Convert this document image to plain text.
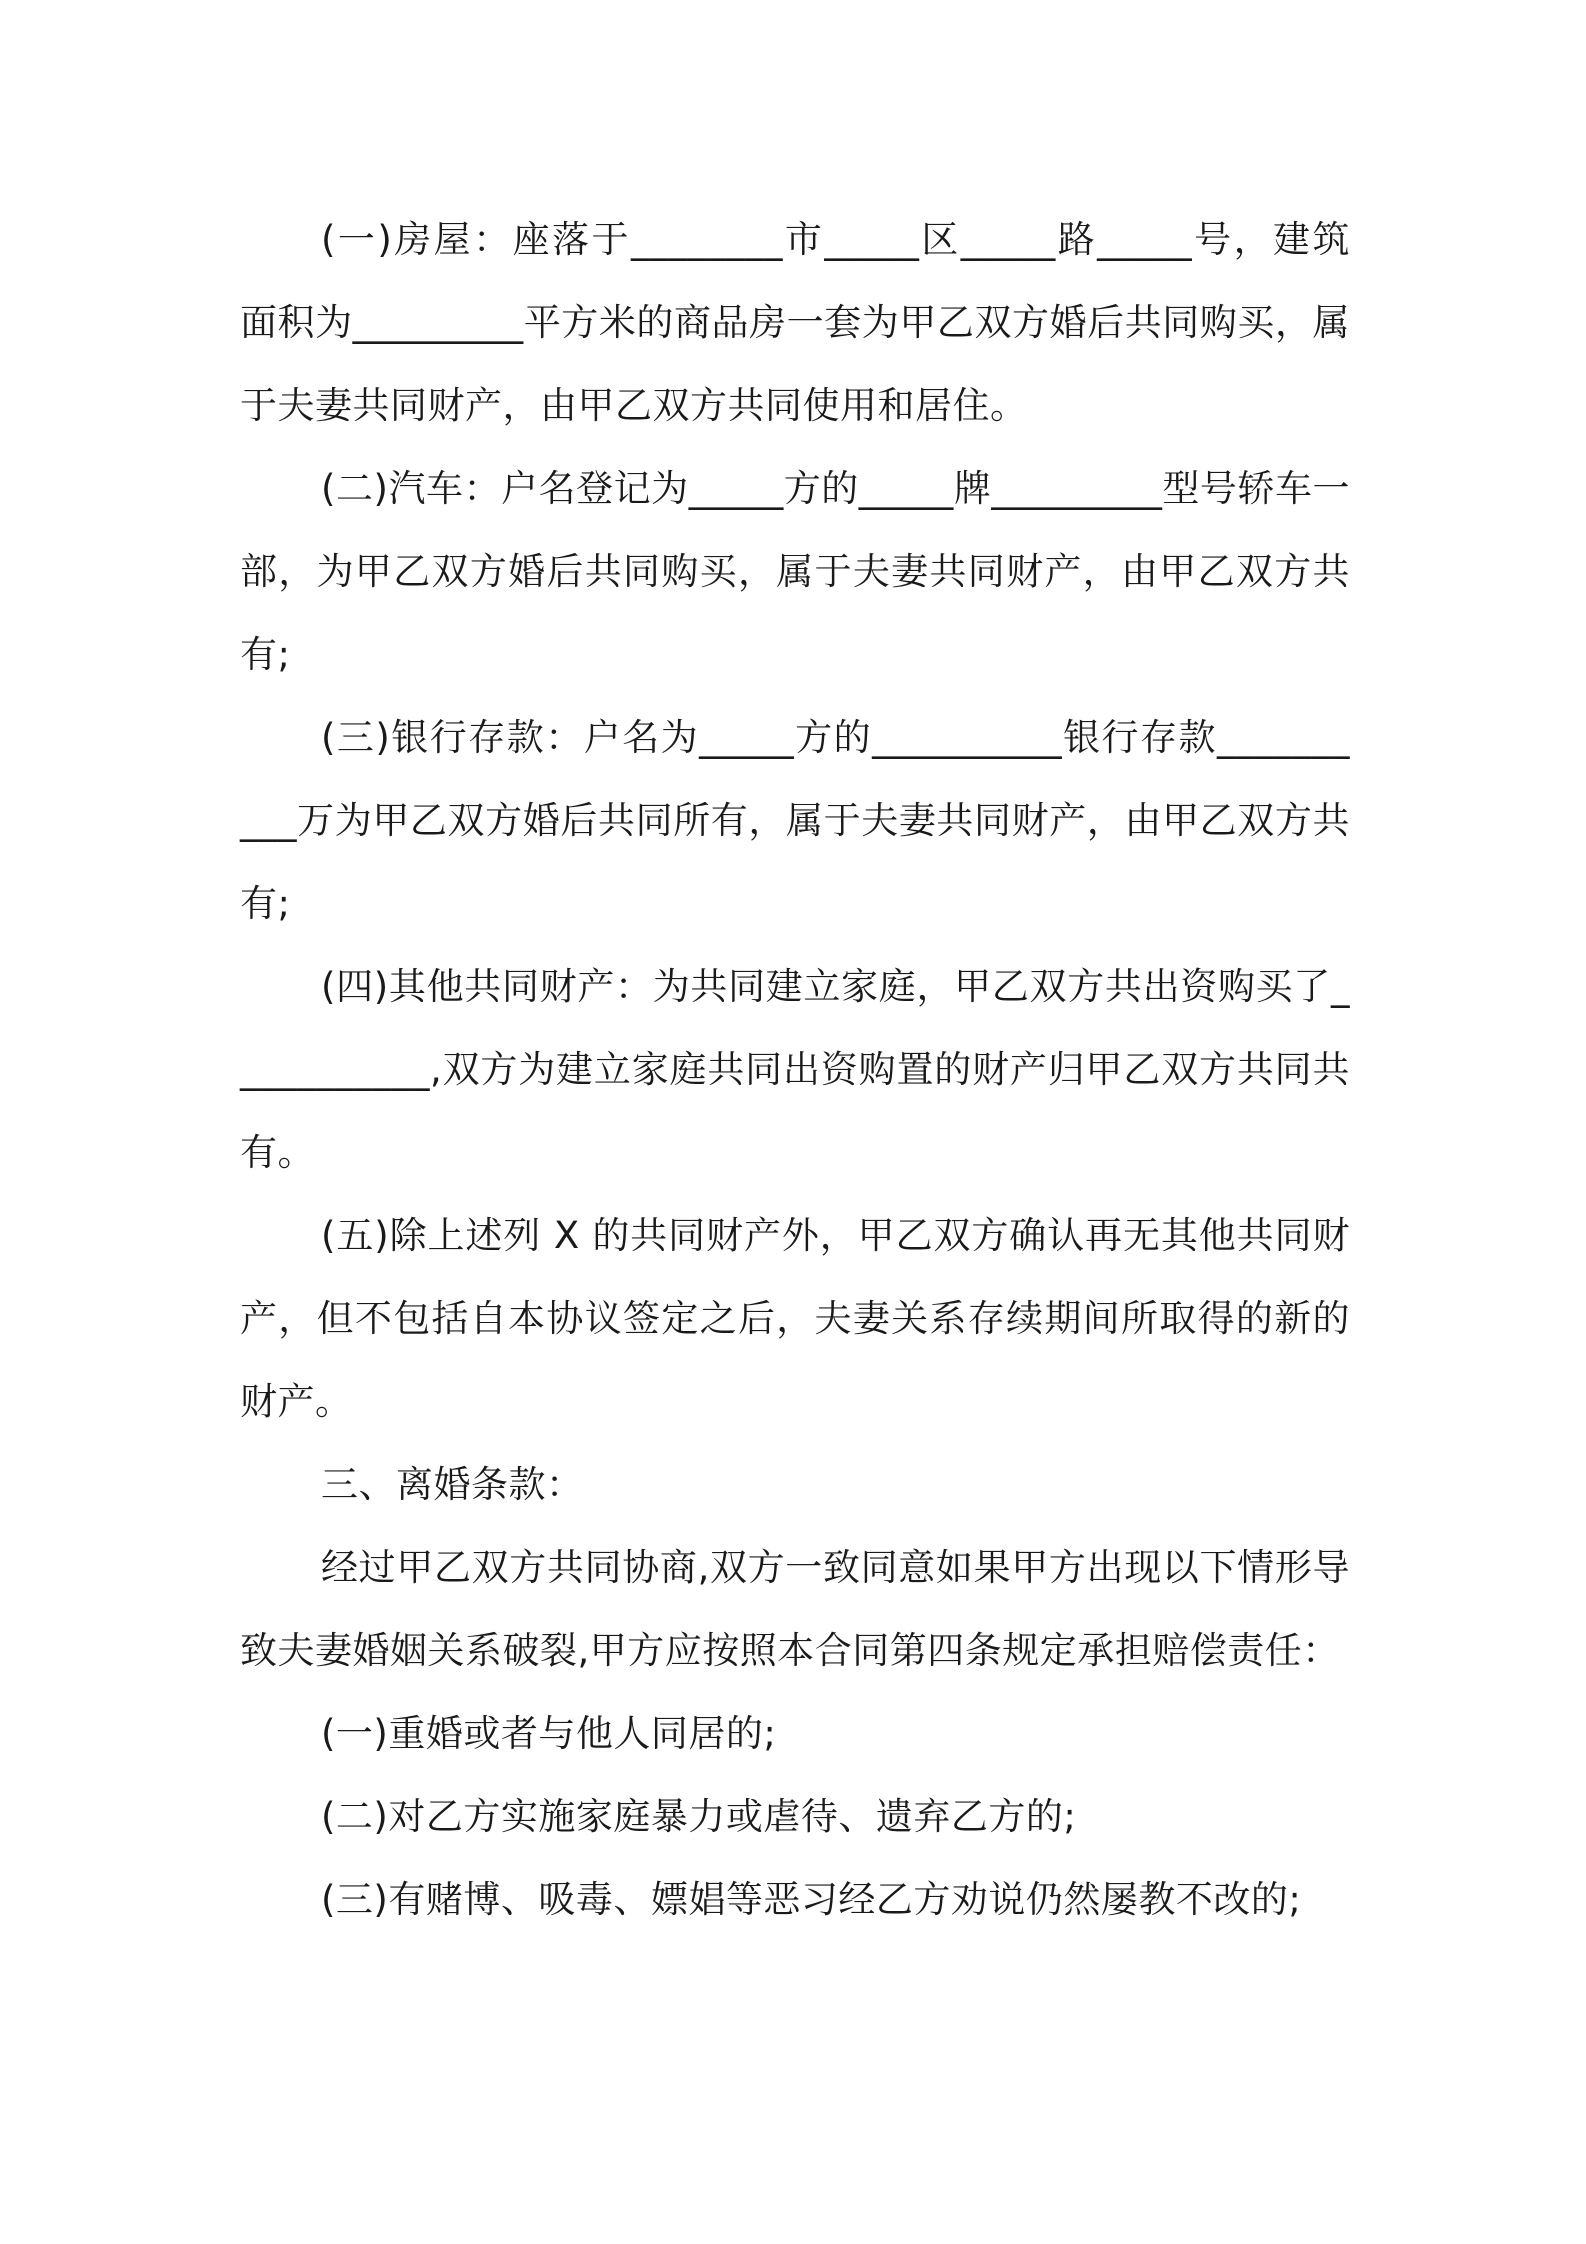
(一)房屋：座落于________市_____区_____路_____号，建筑面积为_________平方米的商品房一套为甲乙双方婚后共同购买，属于夫妻共同财产，由甲乙双方共同使用和居住。

(二)汽车：户名登记为_____方的_____牌_________型号轿车一部，为甲乙双方婚后共同购买，属于夫妻共同财产，由甲乙双方共有;

(三)银行存款：户名为_____方的__________银行存款__________万为甲乙双方婚后共同所有，属于夫妻共同财产，由甲乙双方共有;

(四)其他共同财产：为共同建立家庭，甲乙双方共出资购买了___________,双方为建立家庭共同出资购置的财产归甲乙双方共同共有。

(五)除上述列 X 的共同财产外，甲乙双方确认再无其他共同财产，但不包括自本协议签定之后，夫妻关系存续期间所取得的新的财产。

三、离婚条款：

经过甲乙双方共同协商,双方一致同意如果甲方出现以下情形导致夫妻婚姻关系破裂,甲方应按照本合同第四条规定承担赔偿责任：

(一)重婚或者与他人同居的;

(二)对乙方实施家庭暴力或虐待、遗弃乙方的;

(三)有赌博、吸毒、嫖娼等恶习经乙方劝说仍然屡教不改的;
